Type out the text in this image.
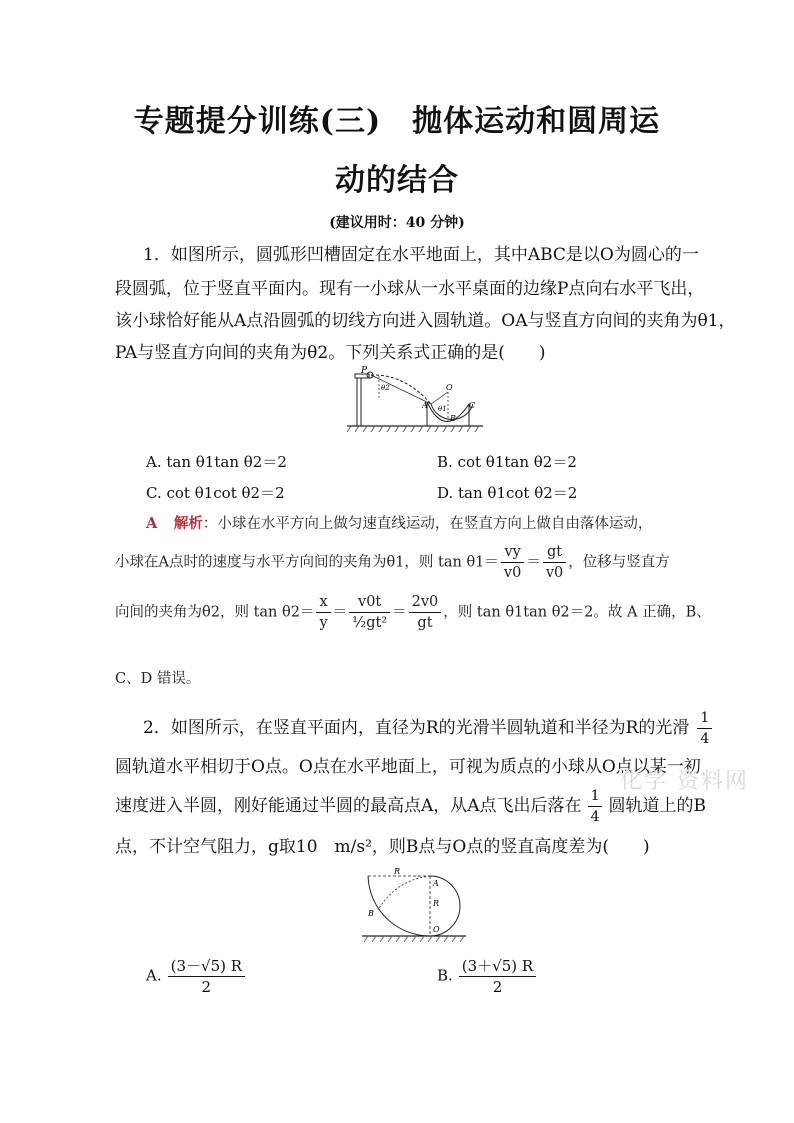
专题提分训练(三)　抛体运动和圆周运
动的结合
(建议用时：40 分钟)
1．如图所示，圆弧形凹槽固定在水平地面上，其中ABC是以O为圆心的一
段圆弧，位于竖直平面内。现有一小球从一水平桌面的边缘P点向右水平飞出，
该小球恰好能从A点沿圆弧的切线方向进入圆轨道。OA与竖直方向间的夹角为θ1，
PA与竖直方向间的夹角为θ2。下列关系式正确的是(　　)
P
θ2	O
A θ1
B
C
A. tan θ1tan θ2＝2	B. cot θ1tan θ2＝2
C. cot θ1cot θ2＝2	D. tan θ1cot θ2＝2
A 解析：小球在水平方向上做匀速直线运动，在竖直方向上做自由落体运动，
小球在A点时的速度与水平方向间的夹角为θ1，则 $\tan \theta 1= \frac{vy}{v0} = \frac{gt}{v0}$ ，位移与竖直方
向间的夹角为θ2，则 $\tan \theta 2= \frac{x}{y} = \frac{v0t}{\text{½gt²}} = \frac{2v0}{gt}$ ，则 tan θ1tan θ2＝2。故 A 正确，B、
C、D 错误。
2．如图所示，在竖直平面内，直径为R的光滑半圆轨道和半径为R的光滑 $\frac{1}{4}$
圆轨道水平相切于O点。O点在水平地面上，可视为质点的小球从O点以某一初
速度进入半圆，刚好能通过半圆的最高点A，从A点飞出后落在 $\frac{1}{4}$ 圆轨道上的B
点，不计空气阻力，g取10　m/s²，则B点与O点的竖直高度差为(　　)
化学 资料网
R
A
R
B
O
A. $\frac{(3-√5) R}{2}$	B. $\frac{(3+√5) R}{2}$
